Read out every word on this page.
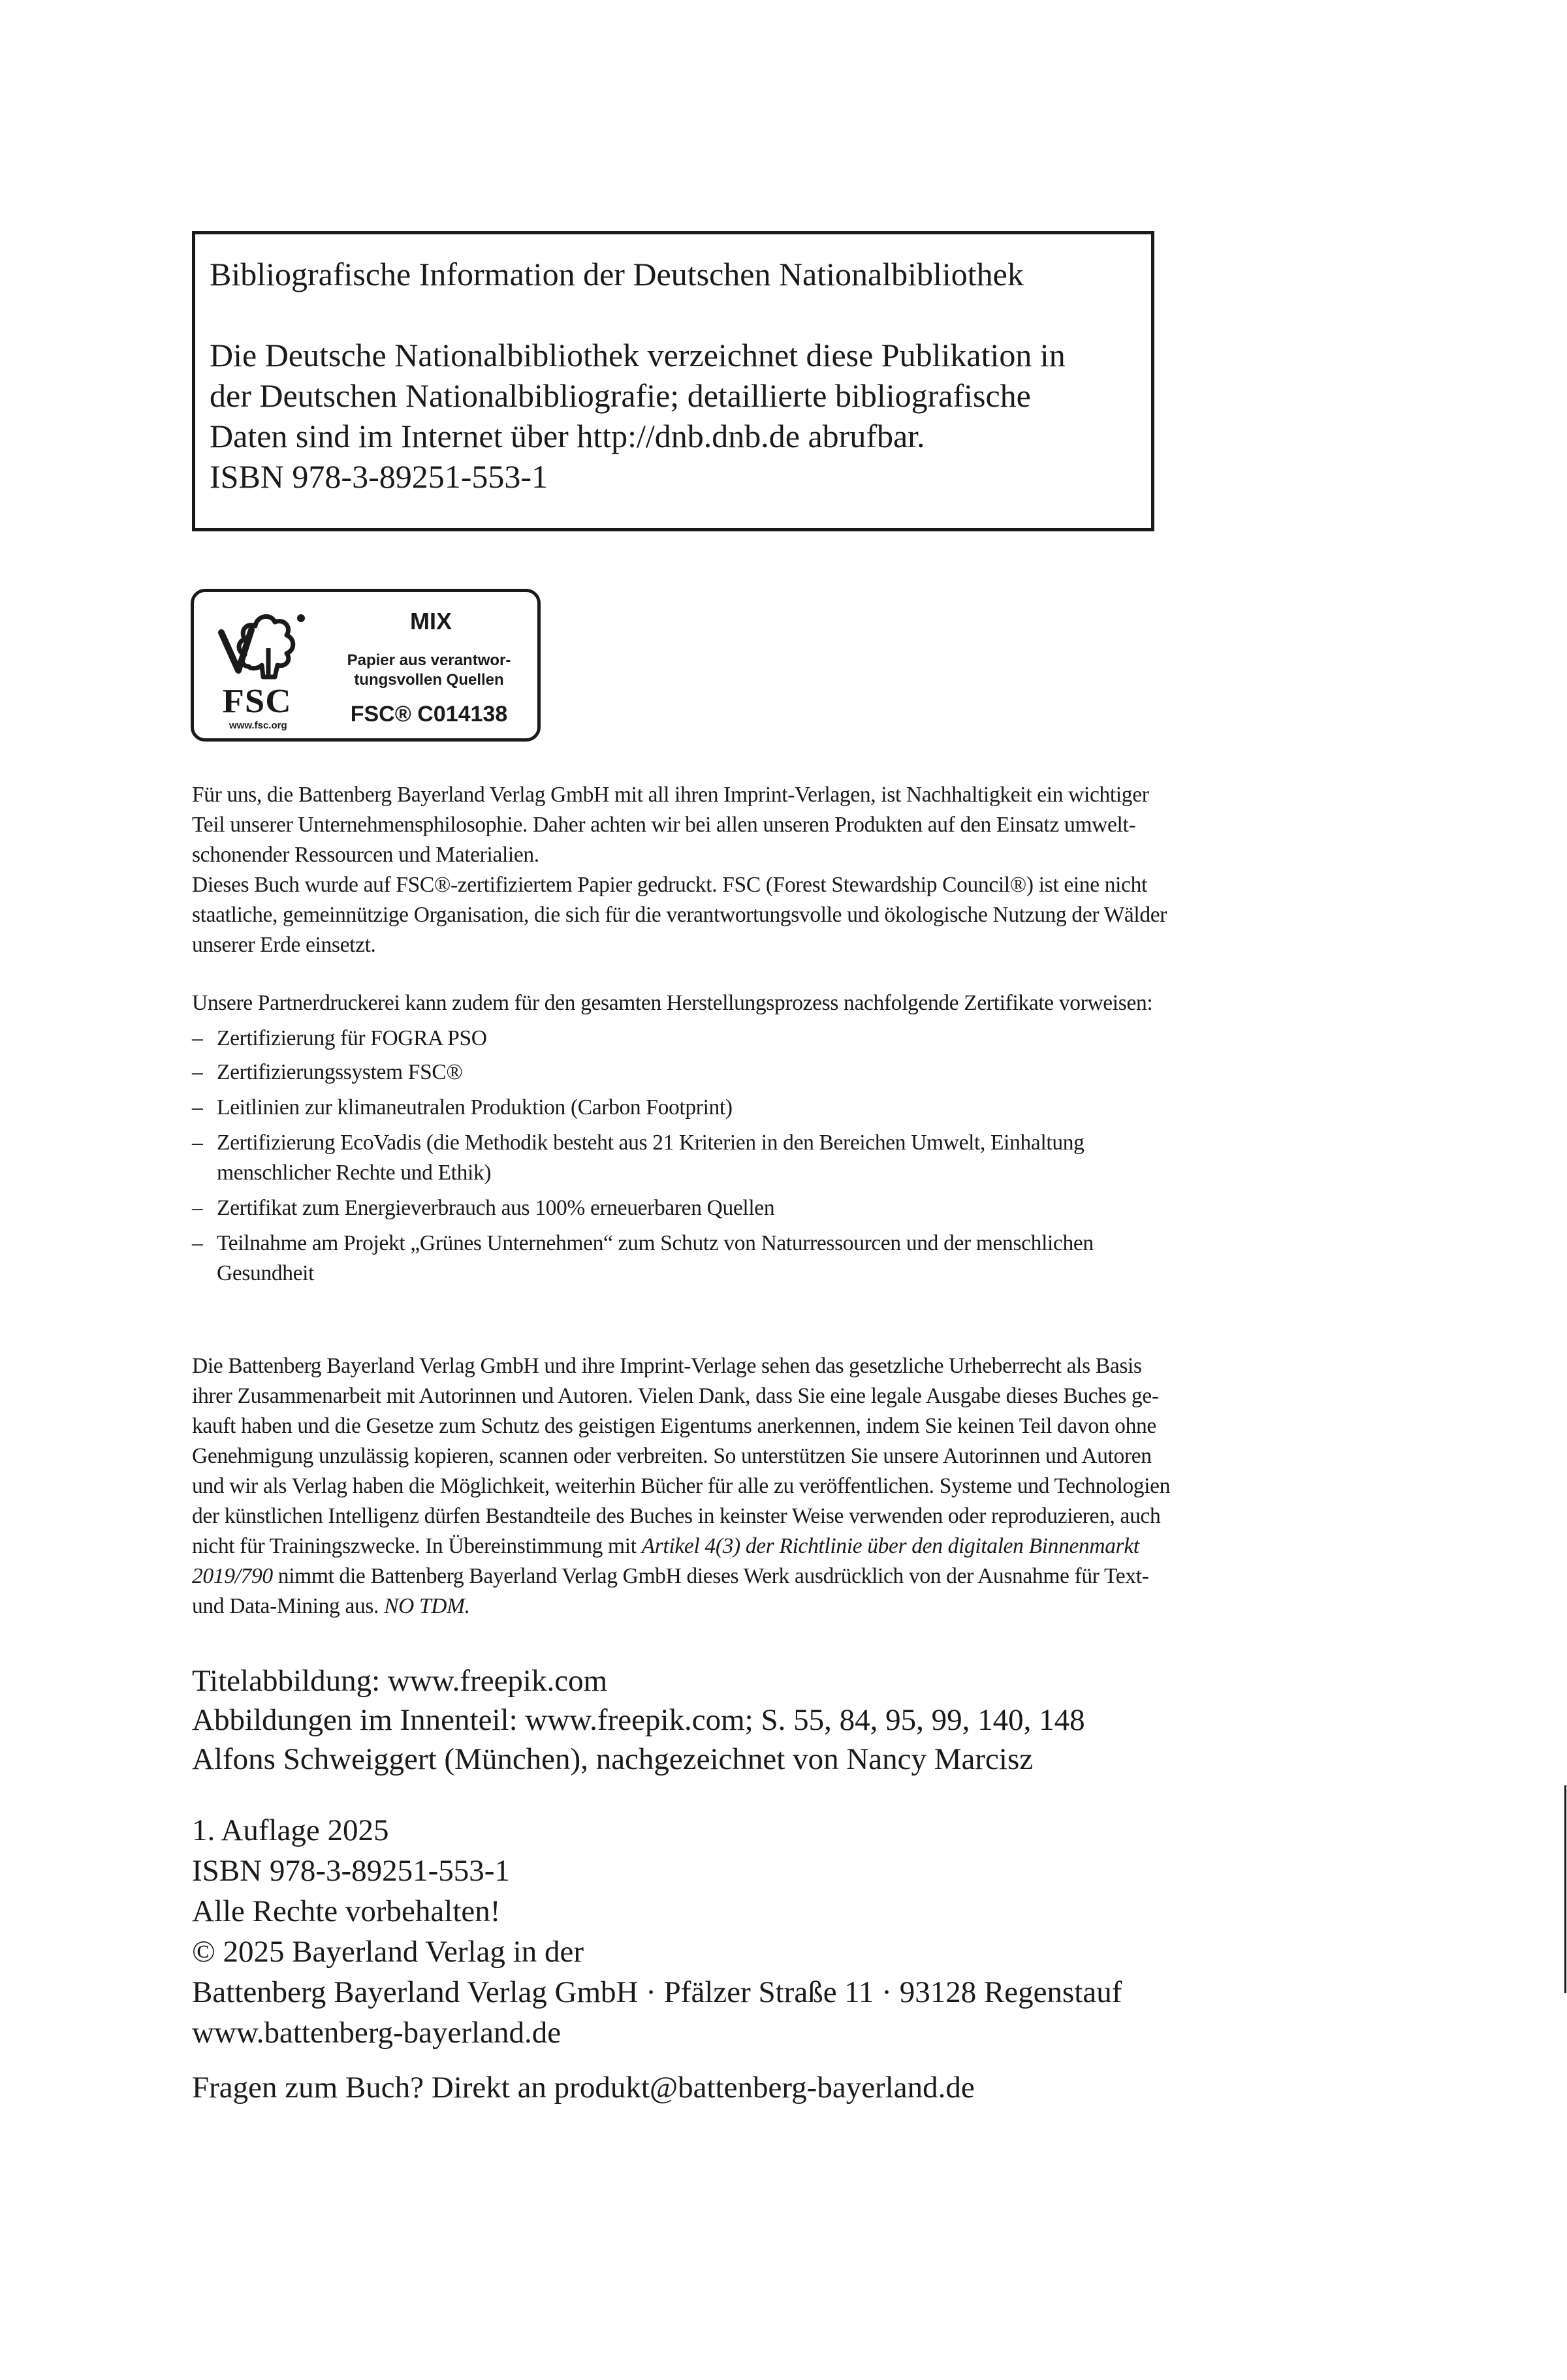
Bibliografische Information der Deutschen Nationalbibliothek
Die Deutsche Nationalbibliothek verzeichnet diese Publikation in
der Deutschen Nationalbibliografie; detaillierte bibliografische
Daten sind im Internet über http://dnb.dnb.de abrufbar.
ISBN 978-3-89251-553-1
FSC
www.fsc.org
MIX
Papier aus verantwor-
tungsvollen Quellen
FSC® C014138
Für uns, die Battenberg Bayerland Verlag GmbH mit all ihren Imprint-Verlagen, ist Nachhaltigkeit ein wichtiger
Teil unserer Unternehmensphilosophie. Daher achten wir bei allen unseren Produkten auf den Einsatz umwelt-
schonender Ressourcen und Materialien.
Dieses Buch wurde auf FSC®-zertifiziertem Papier gedruckt. FSC (Forest Stewardship Council®) ist eine nicht
staatliche, gemeinnützige Organisation, die sich für die verantwortungsvolle und ökologische Nutzung der Wälder
unserer Erde einsetzt.
Unsere Partnerdruckerei kann zudem für den gesamten Herstellungsprozess nachfolgende Zertifikate vorweisen:
– Zertifizierung für FOGRA PSO
– Zertifizierungssystem FSC®
– Leitlinien zur klimaneutralen Produktion (Carbon Footprint)
– Zertifizierung EcoVadis (die Methodik besteht aus 21 Kriterien in den Bereichen Umwelt, Einhaltung
menschlicher Rechte und Ethik)
– Zertifikat zum Energieverbrauch aus 100% erneuerbaren Quellen
– Teilnahme am Projekt „Grünes Unternehmen“ zum Schutz von Naturressourcen und der menschlichen
Gesundheit
Die Battenberg Bayerland Verlag GmbH und ihre Imprint-Verlage sehen das gesetzliche Urheberrecht als Basis
ihrer Zusammenarbeit mit Autorinnen und Autoren. Vielen Dank, dass Sie eine legale Ausgabe dieses Buches ge-
kauft haben und die Gesetze zum Schutz des geistigen Eigentums anerkennen, indem Sie keinen Teil davon ohne
Genehmigung unzulässig kopieren, scannen oder verbreiten. So unterstützen Sie unsere Autorinnen und Autoren
und wir als Verlag haben die Möglichkeit, weiterhin Bücher für alle zu veröffentlichen. Systeme und Technologien
der künstlichen Intelligenz dürfen Bestandteile des Buches in keinster Weise verwenden oder reproduzieren, auch
nicht für Trainingszwecke. In Übereinstimmung mit Artikel 4(3) der Richtlinie über den digitalen Binnenmarkt
2019/790 nimmt die Battenberg Bayerland Verlag GmbH dieses Werk ausdrücklich von der Ausnahme für Text-
und Data-Mining aus. NO TDM.
Titelabbildung: www.freepik.com
Abbildungen im Innenteil: www.freepik.com; S. 55, 84, 95, 99, 140, 148
Alfons Schweiggert (München), nachgezeichnet von Nancy Marcisz
1. Auflage 2025
ISBN 978-3-89251-553-1
Alle Rechte vorbehalten!
© 2025 Bayerland Verlag in der
Battenberg Bayerland Verlag GmbH · Pfälzer Straße 11 · 93128 Regenstauf
www.battenberg-bayerland.de
Fragen zum Buch? Direkt an produkt@battenberg-bayerland.de
